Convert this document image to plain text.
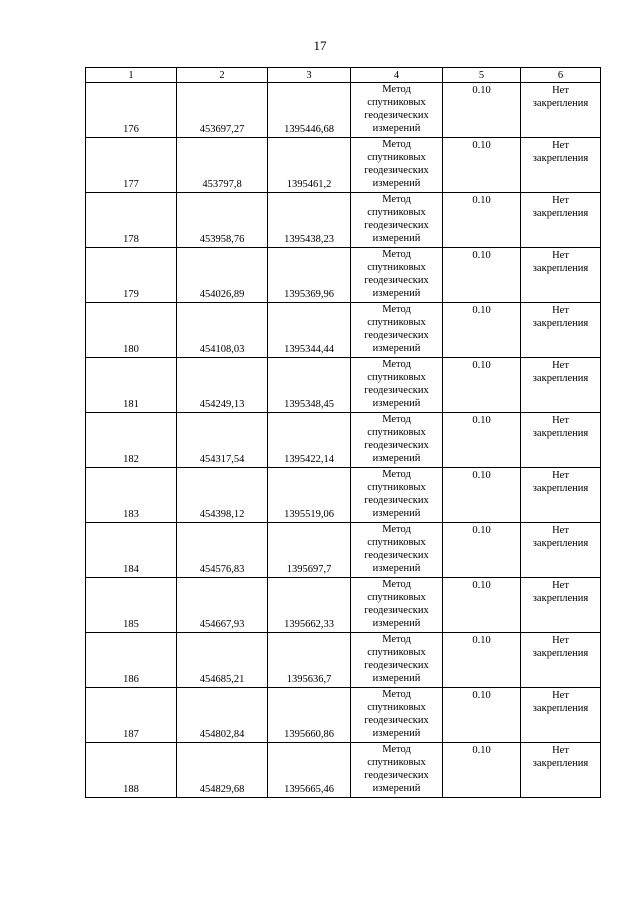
17
1	2	3	4	5	6
176	453697,27	1395446,68	Метод
спутниковых
геодезических
измерений	0.10	Нет
закрепления

177	453797,8	1395461,2	Метод
спутниковых
геодезических
измерений	0.10	Нет
закрепления

178	453958,76	1395438,23	Метод
спутниковых
геодезических
измерений	0.10	Нет
закрепления

179	454026,89	1395369,96	Метод
спутниковых
геодезических
измерений	0.10	Нет
закрепления

180	454108,03	1395344,44	Метод
спутниковых
геодезических
измерений	0.10	Нет
закрепления

181	454249,13	1395348,45	Метод
спутниковых
геодезических
измерений	0.10	Нет
закрепления

182	454317,54	1395422,14	Метод
спутниковых
геодезических
измерений	0.10	Нет
закрепления

183	454398,12	1395519,06	Метод
спутниковых
геодезических
измерений	0.10	Нет
закрепления

184	454576,83	1395697,7	Метод
спутниковых
геодезических
измерений	0.10	Нет
закрепления

185	454667,93	1395662,33	Метод
спутниковых
геодезических
измерений	0.10	Нет
закрепления

186	454685,21	1395636,7	Метод
спутниковых
геодезических
измерений	0.10	Нет
закрепления

187	454802,84	1395660,86	Метод
спутниковых
геодезических
измерений	0.10	Нет
закрепления

188	454829,68	1395665,46	Метод
спутниковых
геодезических
измерений	0.10	Нет
закрепления
